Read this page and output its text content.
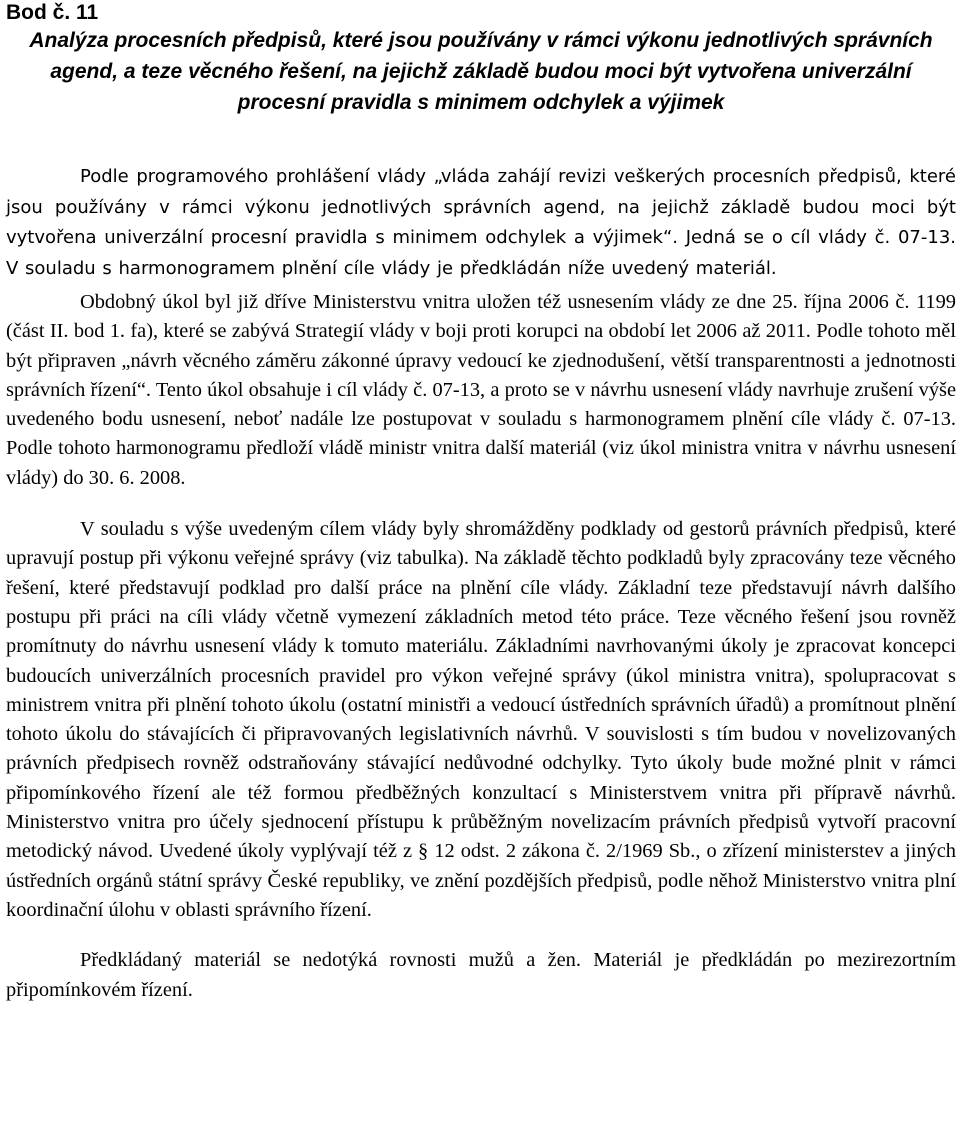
Bod č. 11

Analýza procesních předpisů, které jsou používány v rámci výkonu jednotlivých správních agend, a teze věcného řešení, na jejichž základě budou moci být vytvořena univerzální procesní pravidla s minimem odchylek a výjimek

Podle programového prohlášení vlády „vláda zahájí revizi veškerých procesních předpisů, které jsou používány v rámci výkonu jednotlivých správních agend, na jejichž základě budou moci být vytvořena univerzální procesní pravidla s minimem odchylek a výjimek“. Jedná se o cíl vlády č. 07-13. V souladu s harmonogramem plnění cíle vlády je předkládán níže uvedený materiál.

Obdobný úkol byl již dříve Ministerstvu vnitra uložen též usnesením vlády ze dne 25. října 2006 č. 1199 (část II. bod 1. fa), které se zabývá Strategií vlády v boji proti korupci na období let 2006 až 2011. Podle tohoto měl být připraven „návrh věcného záměru zákonné úpravy vedoucí ke zjednodušení, větší transparentnosti a jednotnosti správních řízení“. Tento úkol obsahuje i cíl vlády č. 07-13, a proto se v návrhu usnesení vlády navrhuje zrušení výše uvedeného bodu usnesení, neboť nadále lze postupovat v souladu s harmonogramem plnění cíle vlády č. 07-13. Podle tohoto harmonogramu předloží vládě ministr vnitra další materiál (viz úkol ministra vnitra v návrhu usnesení vlády) do 30. 6. 2008.

V souladu s výše uvedeným cílem vlády byly shromážděny podklady od gestorů právních předpisů, které upravují postup při výkonu veřejné správy (viz tabulka). Na základě těchto podkladů byly zpracovány teze věcného řešení, které představují podklad pro další práce na plnění cíle vlády. Základní teze představují návrh dalšího postupu při práci na cíli vlády včetně vymezení základních metod této práce. Teze věcného řešení jsou rovněž promítnuty do návrhu usnesení vlády k tomuto materiálu. Základními navrhovanými úkoly je zpracovat koncepci budoucích univerzálních procesních pravidel pro výkon veřejné správy (úkol ministra vnitra), spolupracovat s ministrem vnitra při plnění tohoto úkolu (ostatní ministři a vedoucí ústředních správních úřadů) a promítnout plnění tohoto úkolu do stávajících či připravovaných legislativních návrhů. V souvislosti s tím budou v novelizovaných právních předpisech rovněž odstraňovány stávající nedůvodné odchylky. Tyto úkoly bude možné plnit v rámci připomínkového řízení ale též formou předběžných konzultací s Ministerstvem vnitra při přípravě návrhů. Ministerstvo vnitra pro účely sjednocení přístupu k průběžným novelizacím právních předpisů vytvoří pracovní metodický návod. Uvedené úkoly vyplývají též z § 12 odst. 2 zákona č. 2/1969 Sb., o zřízení ministerstev a jiných ústředních orgánů státní správy České republiky, ve znění pozdějších předpisů, podle něhož Ministerstvo vnitra plní koordinační úlohu v oblasti správního řízení.

Předkládaný materiál se nedotýká rovnosti mužů a žen. Materiál je předkládán po mezirezortním připomínkovém řízení.
